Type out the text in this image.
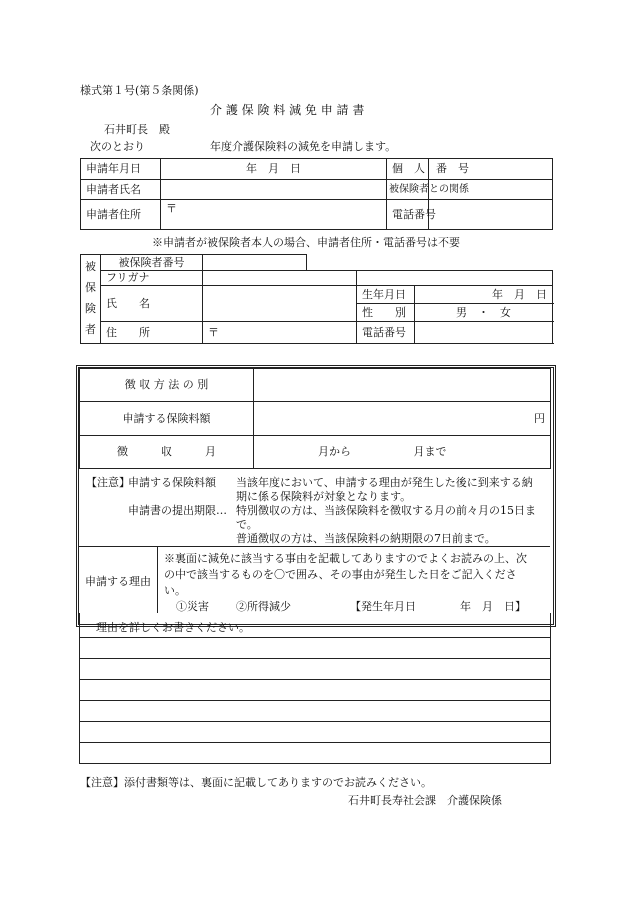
様式第１号(第５条関係)
介 護 保 険 料 減 免 申 請 書
石井町長　殿
次のとおり	年度介護保険料の減免を申請します。
申請年月日	年　月　日	個　人　番　号	
申請者氏名		被保険者との関係	
申請者住所	〒	電話番号	
※申請者が被保険者本人の場合、申請者住所・電話番号は不要
被
保
険
者	被保険者番号				
	フリガナ				
	氏　　名			生年月日	年　月　日
				性　　別	男　・　女
	住　　所	〒		電話番号	
徴 収 方 法 の 別	
申請する保険料額	円
徴　　　収　　　月	月から 月まで
【注意】
申請する保険料額 当該年度において、申請する理由が発生した後に到来する納
期に係る保険料が対象となります。
申請書の提出期限… 特別徴収の方は、当該保険料を徴収する月の前々月の15日ま
で。
普通徴収の方は、当該保険料の納期限の7日前まで。
申請する理由
※裏面に減免に該当する事由を記載してありますのでよくお読みの上、次
の中で該当するものを〇で囲み、その事由が発生した日をご記入くださ
い。
①災害 ②所得減少	【発生年月日　　　　年　月　日】
理由を詳しくお書きください。
【注意】添付書類等は、裏面に記載してありますのでお読みください。
石井町長寿社会課　介護保険係
